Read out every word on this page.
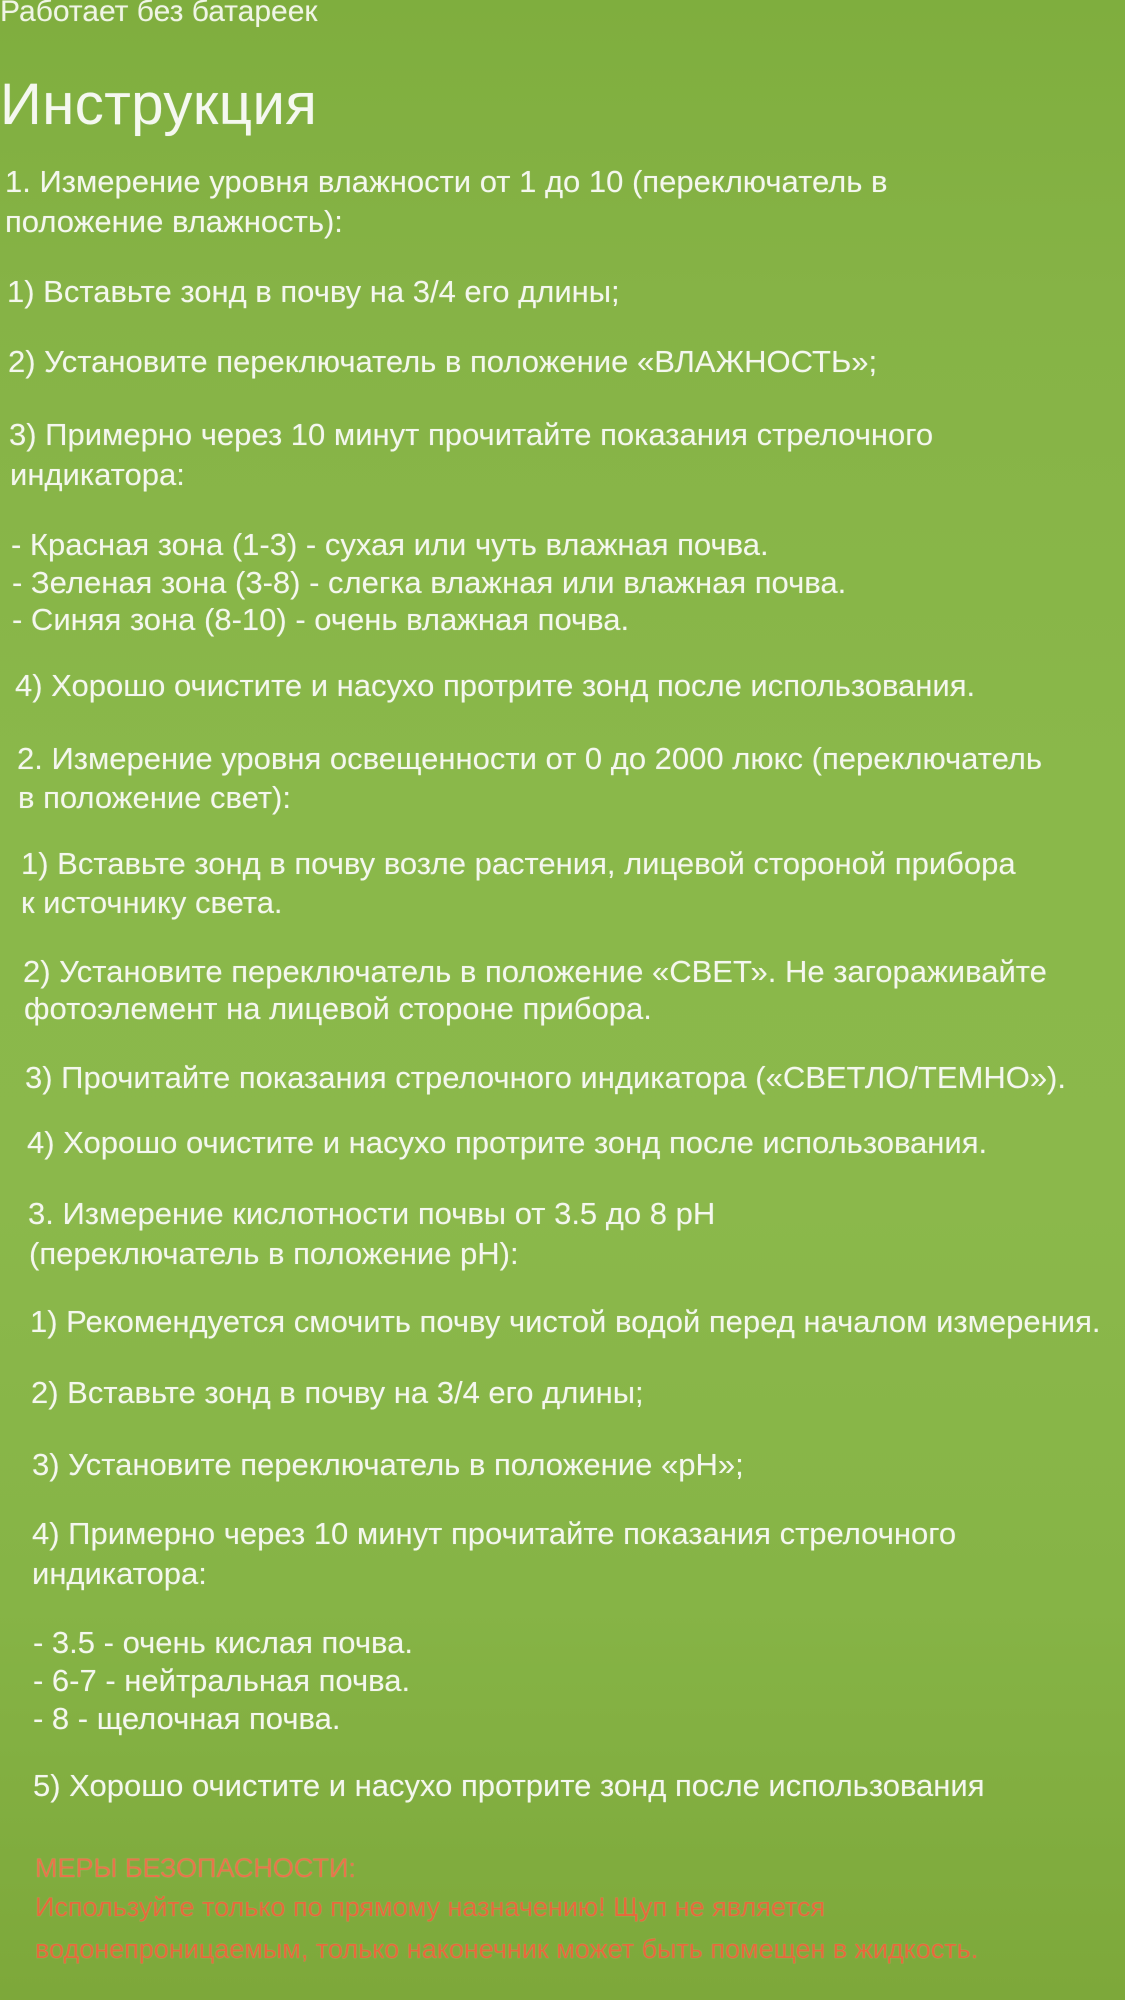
Работает без батареек
Инструкция
1. Измерение уровня влажности от 1 до 10 (переключатель в
положение влажность):
1) Вставьте зонд в почву на 3/4 его длины;
2) Установите переключатель в положение «ВЛАЖНОСТЬ»;
3) Примерно через 10 минут прочитайте показания стрелочного
индикатора:
- Красная зона (1-3) - сухая или чуть влажная почва.
- Зеленая зона (3-8) - слегка влажная или влажная почва.
- Синяя зона (8-10) - очень влажная почва.
4) Хорошо очистите и насухо протрите зонд после использования.
2. Измерение уровня освещенности от 0 до 2000 люкс (переключатель
в положение свет):
1) Вставьте зонд в почву возле растения, лицевой стороной прибора
к источнику света.
2) Установите переключатель в положение «СВЕТ». Не загораживайте
фотоэлемент на лицевой стороне прибора.
3) Прочитайте показания стрелочного индикатора («СВЕТЛО/ТЕМНО»).
4) Хорошо очистите и насухо протрите зонд после использования.
3. Измерение кислотности почвы от 3.5 до 8 pH
(переключатель в положение pH):
1) Рекомендуется смочить почву чистой водой перед началом измерения.
2) Вставьте зонд в почву на 3/4 его длины;
3) Установите переключатель в положение «pH»;
4) Примерно через 10 минут прочитайте показания стрелочного
индикатора:
- 3.5 - очень кислая почва.
- 6-7 - нейтральная почва.
- 8 - щелочная почва.
5) Хорошо очистите и насухо протрите зонд после использования
МЕРЫ БЕЗОПАСНОСТИ:
Используйте только по прямому назначению! Щуп не является
водонепроницаемым, только наконечник может быть помещен в жидкость.
